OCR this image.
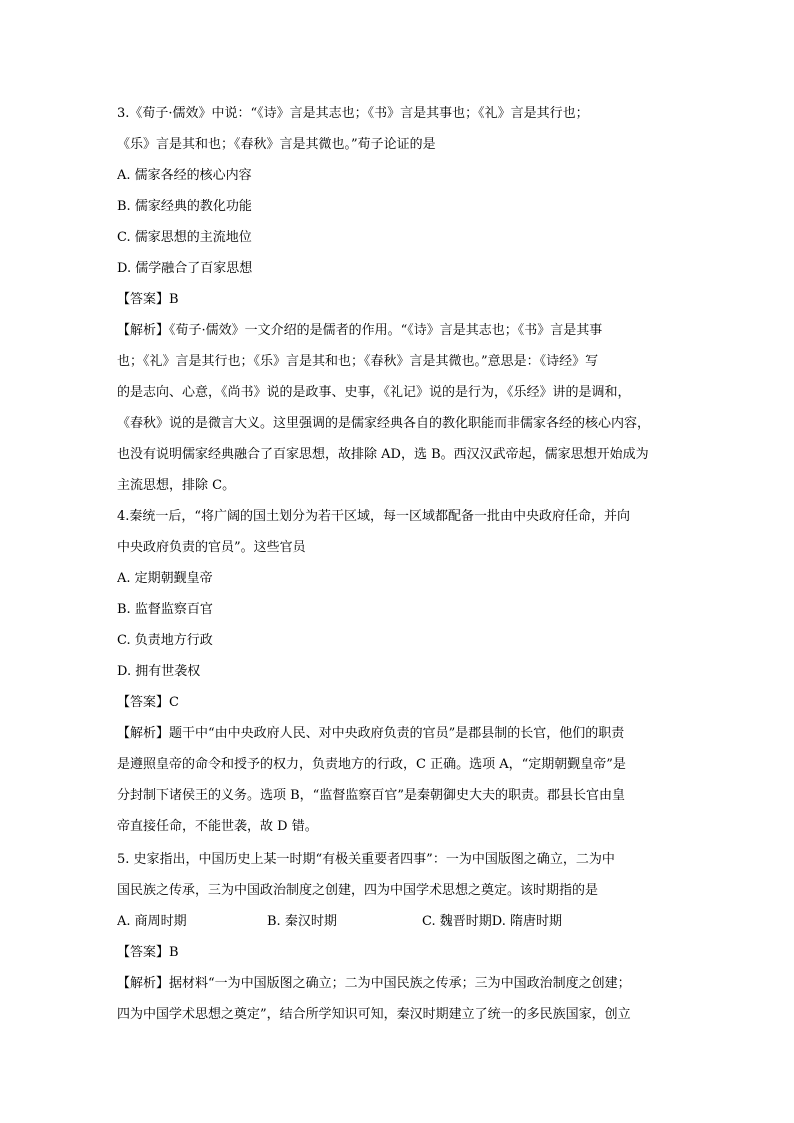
3.《荀子·儒效》中说：“《诗》言是其志也；《书》言是其事也；《礼》言是其行也；
《乐》言是其和也；《春秋》言是其微也。”荀子论证的是
A. 儒家各经的核心内容
B. 儒家经典的教化功能
C. 儒家思想的主流地位
D. 儒学融合了百家思想
【答案】B
【解析】《荀子·儒效》一文介绍的是儒者的作用。“《诗》言是其志也；《书》言是其事
也；《礼》言是其行也；《乐》言是其和也；《春秋》言是其微也。”意思是：《诗经》写
的是志向、心意，《尚书》说的是政事、史事，《礼记》说的是行为，《乐经》讲的是调和，
《春秋》说的是微言大义。这里强调的是儒家经典各自的教化职能而非儒家各经的核心内容，
也没有说明儒家经典融合了百家思想，故排除 AD，选 B。西汉汉武帝起，儒家思想开始成为
主流思想，排除 C。
4.秦统一后，“将广阔的国土划分为若干区域，每一区域都配备一批由中央政府任命，并向
中央政府负责的官员”。这些官员
A. 定期朝觐皇帝
B. 监督监察百官
C. 负责地方行政
D. 拥有世袭权
【答案】C
【解析】题干中“由中央政府人民、对中央政府负责的官员”是郡县制的长官，他们的职责
是遵照皇帝的命令和授予的权力，负责地方的行政，C 正确。选项 A，“定期朝觐皇帝”是
分封制下诸侯王的义务。选项 B，“监督监察百官”是秦朝御史大夫的职责。郡县长官由皇
帝直接任命，不能世袭，故 D 错。
5. 史家指出，中国历史上某一时期“有极关重要者四事”：一为中国版图之确立，二为中
国民族之传承，三为中国政治制度之创建，四为中国学术思想之奠定。该时期指的是
A. 商周时期	B. 秦汉时期	C. 魏晋时期D. 隋唐时期
【答案】B
【解析】据材料“一为中国版图之确立；二为中国民族之传承；三为中国政治制度之创建；
四为中国学术思想之奠定”，结合所学知识可知，秦汉时期建立了统一的多民族国家，创立
